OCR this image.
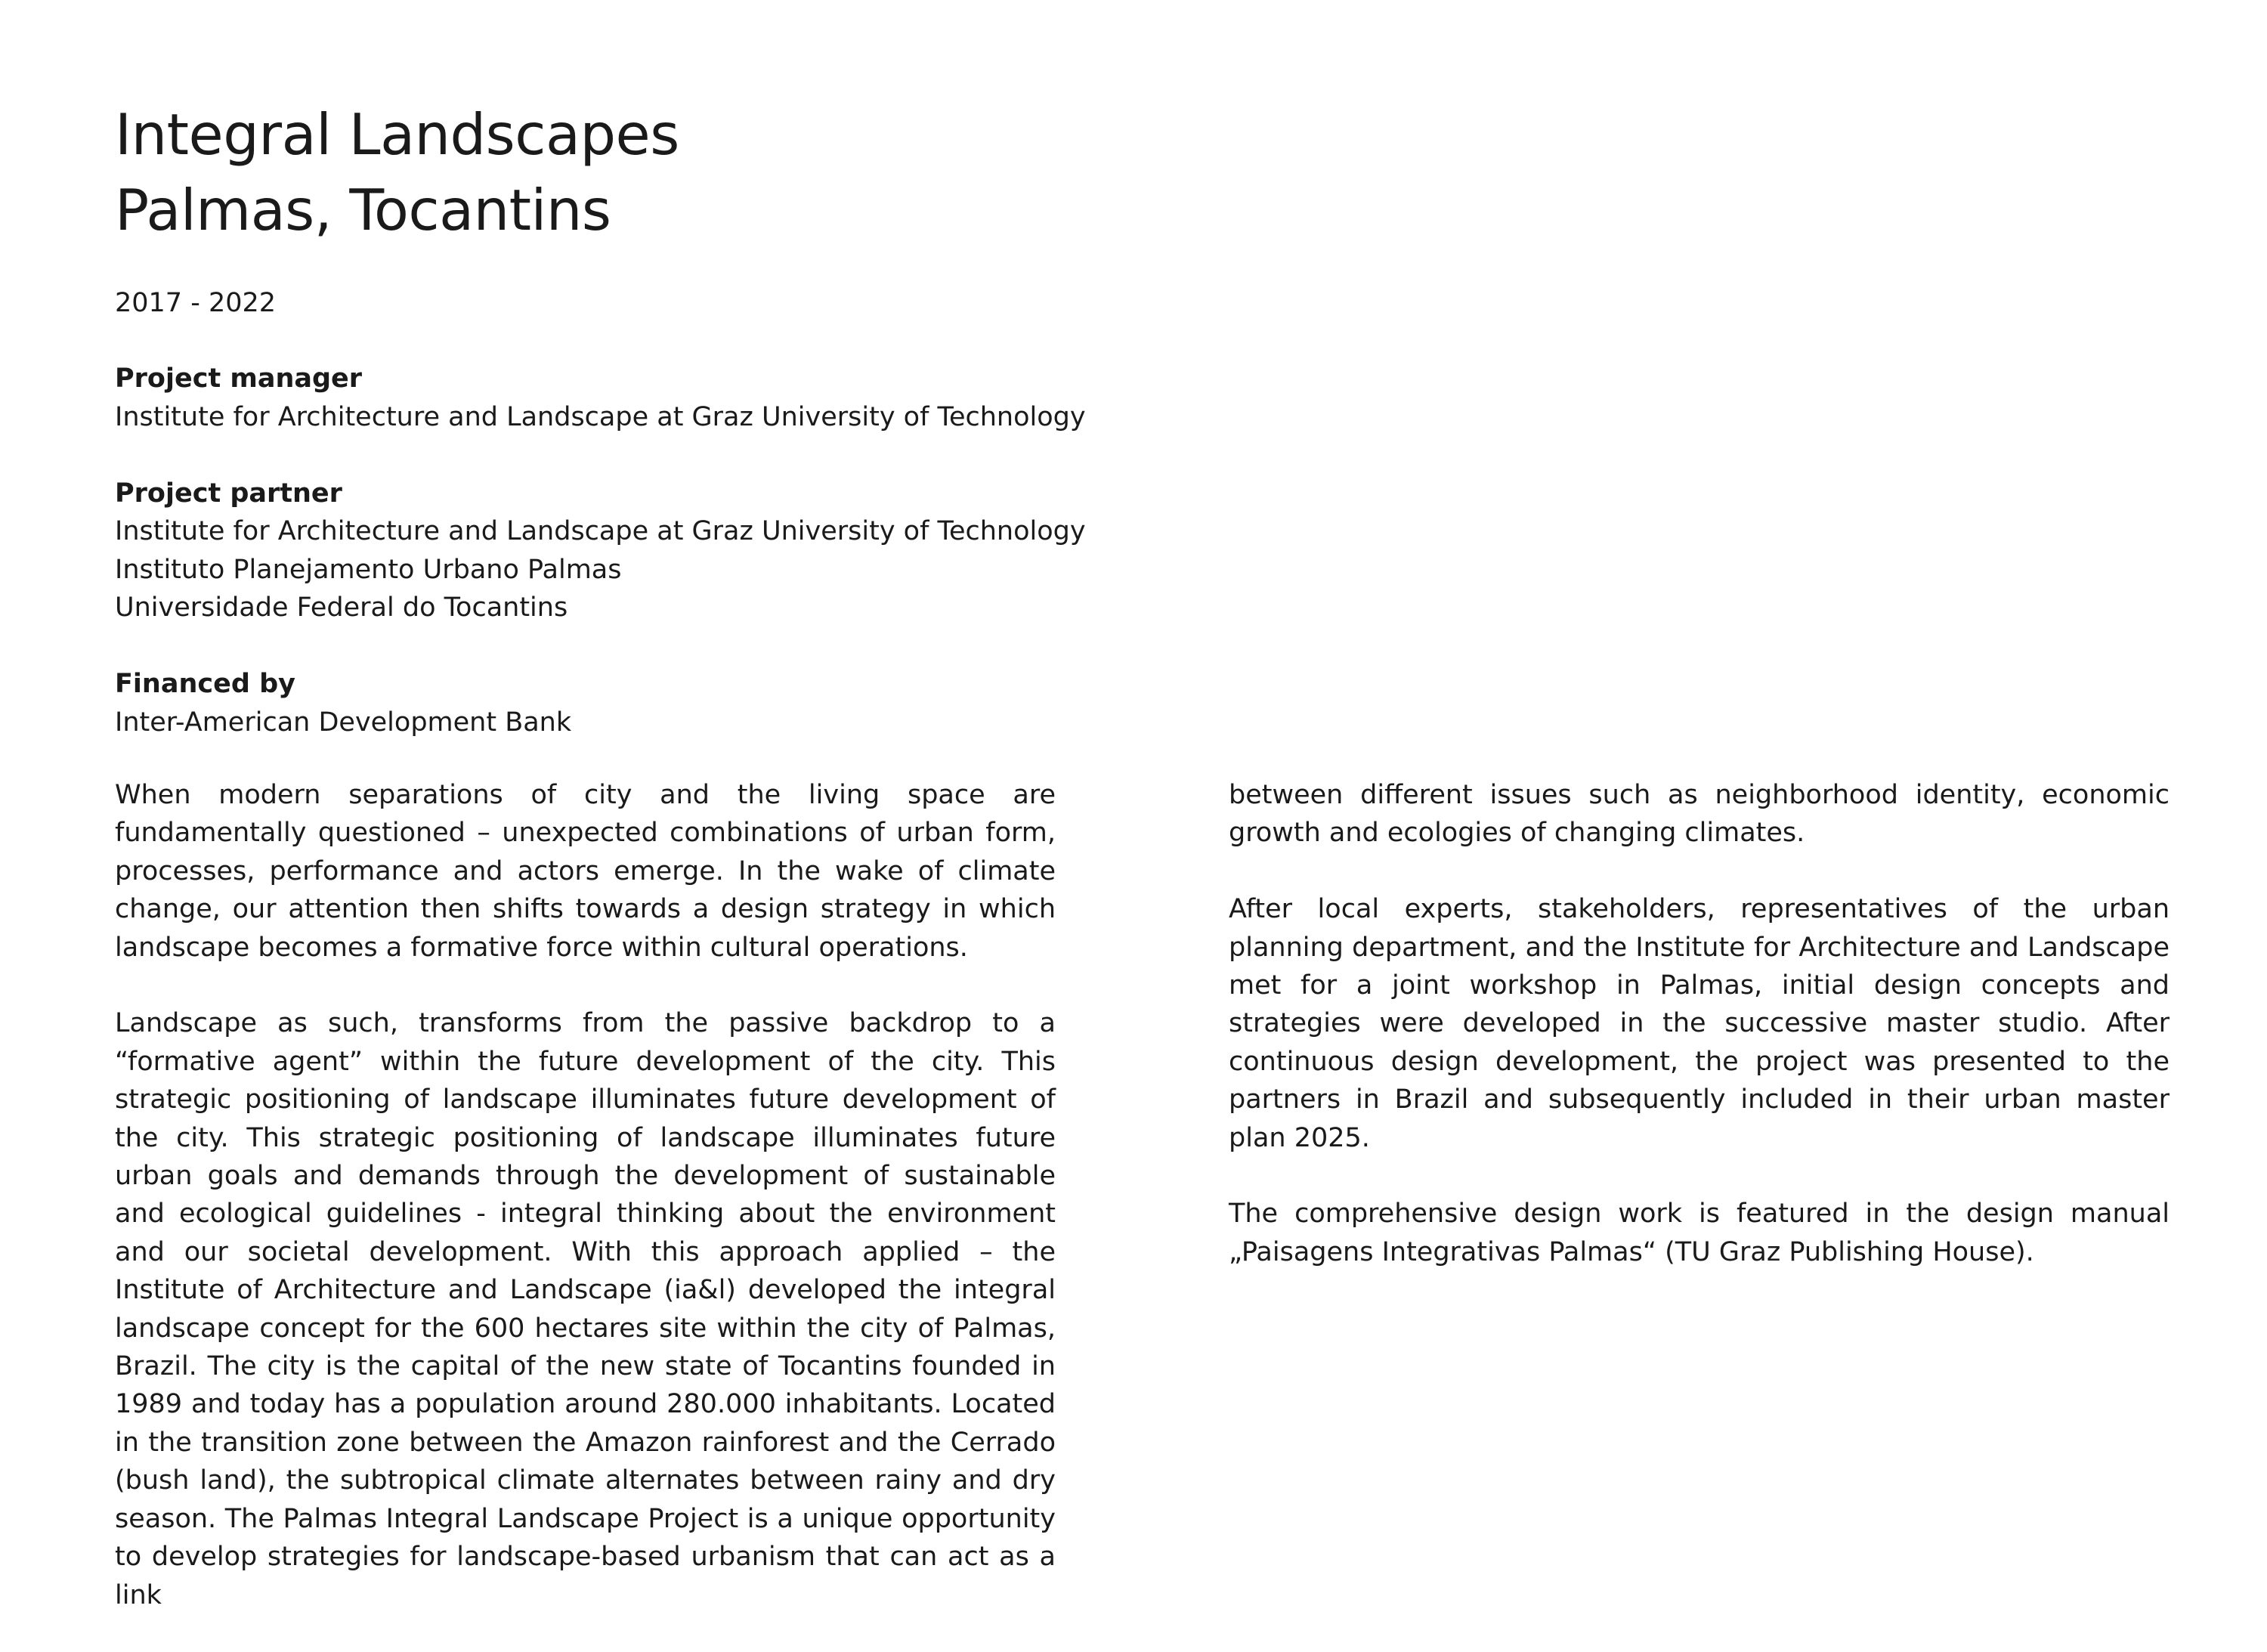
Integral Landscapes
Palmas, Tocantins

2017 - 2022

Project manager
Institute for Architecture and Landscape at Graz University of Technology
Project partner
Institute for Architecture and Landscape at Graz University of Technology
Instituto Planejamento Urbano Palmas
Universidade Federal do Tocantins
Financed by
Inter-American Development Bank

When modern separations of city and the living space are fundamentally questioned – unexpected combinations of urban form, processes, performance and actors emerge. In the wake of climate change, our attention then shifts towards a design strategy in which landscape becomes a formative force within cultural operations.

Landscape as such, transforms from the passive backdrop to a “formative agent” within the future development of the city. This strategic positioning of landscape illuminates future development of the city. This strategic positioning of landscape illuminates future urban goals and demands through the development of sustainable and ecological guidelines - integral thinking about the environment and our societal development. With this approach applied – the Institute of Architecture and Landscape (ia&l) developed the integral landscape concept for the 600 hectares site within the city of Palmas, Brazil. The city is the capital of the new state of Tocantins founded in 1989 and today has a population around 280.000 inhabitants. Located in the transition zone between the Amazon rainforest and the Cerrado (bush land), the subtropical climate alternates between rainy and dry season. The Palmas Integral Landscape Project is a unique opportunity to develop strategies for landscape-based urbanism that can act as a link

between different issues such as neighborhood identity, economic growth and ecologies of changing climates.

After local experts, stakeholders, representatives of the urban planning department, and the Institute for Architecture and Landscape met for a joint workshop in Palmas, initial design concepts and strategies were developed in the successive master studio. After continuous design development, the project was presented to the partners in Brazil and subsequently included in their urban master plan 2025.

The comprehensive design work is featured in the design manual „Paisagens Integrativas Palmas“ (TU Graz Publishing House).
